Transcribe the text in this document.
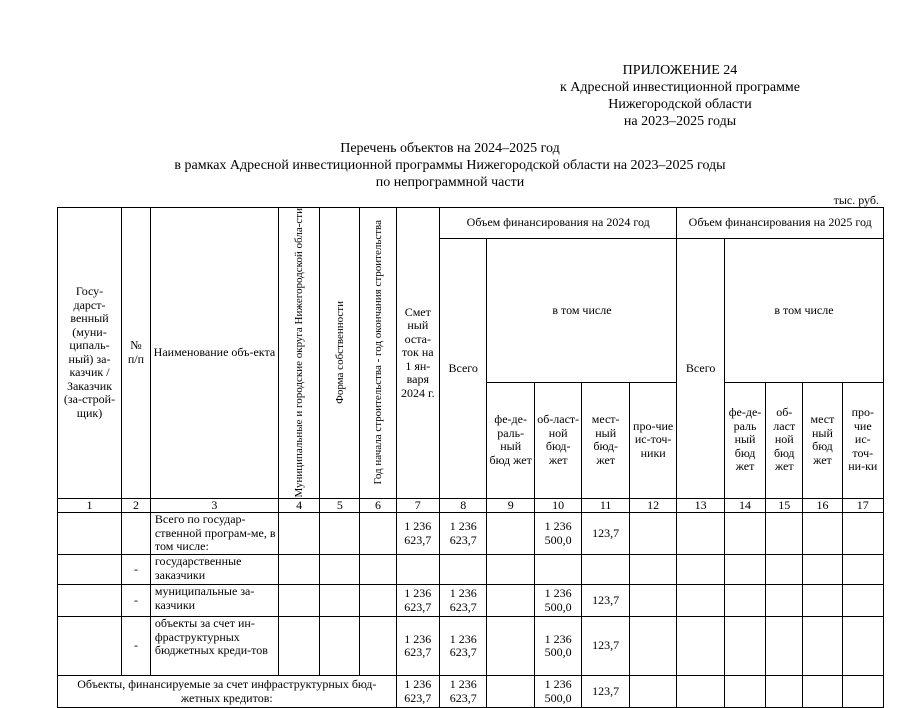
ПРИЛОЖЕНИЕ 24
к Адресной инвестиционной программе
Нижегородской области
на 2023–2025 годы
Перечень объектов на 2024–2025 год
в рамках Адресной инвестиционной программы Нижегородской области на 2023–2025 годы
по непрограммной части
тыс. руб.
Госу-дарст-венный (муни-ципаль-ный) за-казчик / Заказчик (за-строй-щик)	№ п/п	Наименование объ-екта	Муниципальные и городские округа Нижегородской обла-сти	Форма собственности	Год начала строительства - год окончания строительства	Смет ный оста-ток на 1 ян-варя 2024 г.	Объем финансирования на 2024 год					Объем финансирования на 2025 год				
							Всего	в том числе				Всего	в том числе			
								фе-де-раль-ный бюд жет	об-ласт-ной бюд-жет	мест-ный бюд-жет	про-чие ис-точ-ники		фе-де-раль ный бюд жет	об-ласт ной бюд жет	мест ный бюд жет	про-чие ис-точ-ни-ки
1	2	3	4	5	6	7	8	9	10	11	12	13	14	15	16	17
		Всего по государ-ственной програм-ме, в том числе:				1 236 623,7	1 236 623,7		1 236 500,0	123,7						
	-	государственные заказчики														
	-	муниципальные за-казчики				1 236 623,7	1 236 623,7		1 236 500,0	123,7						
	-	объекты за счет ин-фраструктурных бюджетных креди-тов				1 236 623,7	1 236 623,7		1 236 500,0	123,7						
Объекты, финансируемые за счет инфраструктурных бюд-жетных кредитов:						1 236 623,7	1 236 623,7		1 236 500,0	123,7						
